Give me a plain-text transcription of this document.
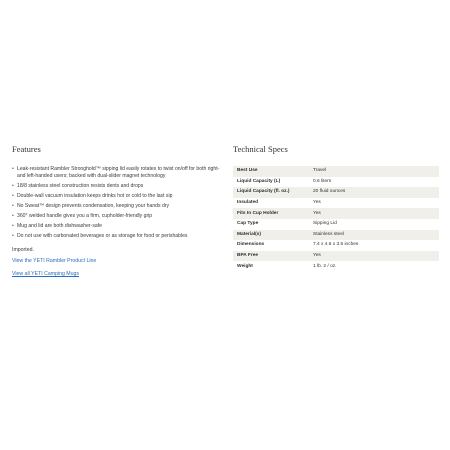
Features
• Leak-resistant Rambler Stronghold™ sipping lid easily rotates to twist on/off for both right- and left-handed users; backed with dual-slider magnet technology
• 18/8 stainless steel construction resists dents and drops
• Double-wall vacuum insulation keeps drinks hot or cold to the last sip
• No Sweat™ design prevents condensation, keeping your hands dry
• 360° welded handle gives you a firm, cupholder-friendly grip
• Mug and lid are both dishwasher-safe
• Do not use with carbonated beverages or as storage for food or perishables
Imported.
View the YETI Rambler Product Line
View all YETI Camping Mugs
Technical Specs
Best Use	Travel
Liquid Capacity (L)	0.6 liters
Liquid Capacity (fl. oz.)	20 fluid ounces
Insulated	Yes
Fits In Cup Holder	Yes
Cap Type	Sipping Lid
Material(s)	Stainless steel
Dimensions	7.4 x 4.6 x 3.5 inches
BPA Free	Yes
Weight	1 lb. 2 / oz.
